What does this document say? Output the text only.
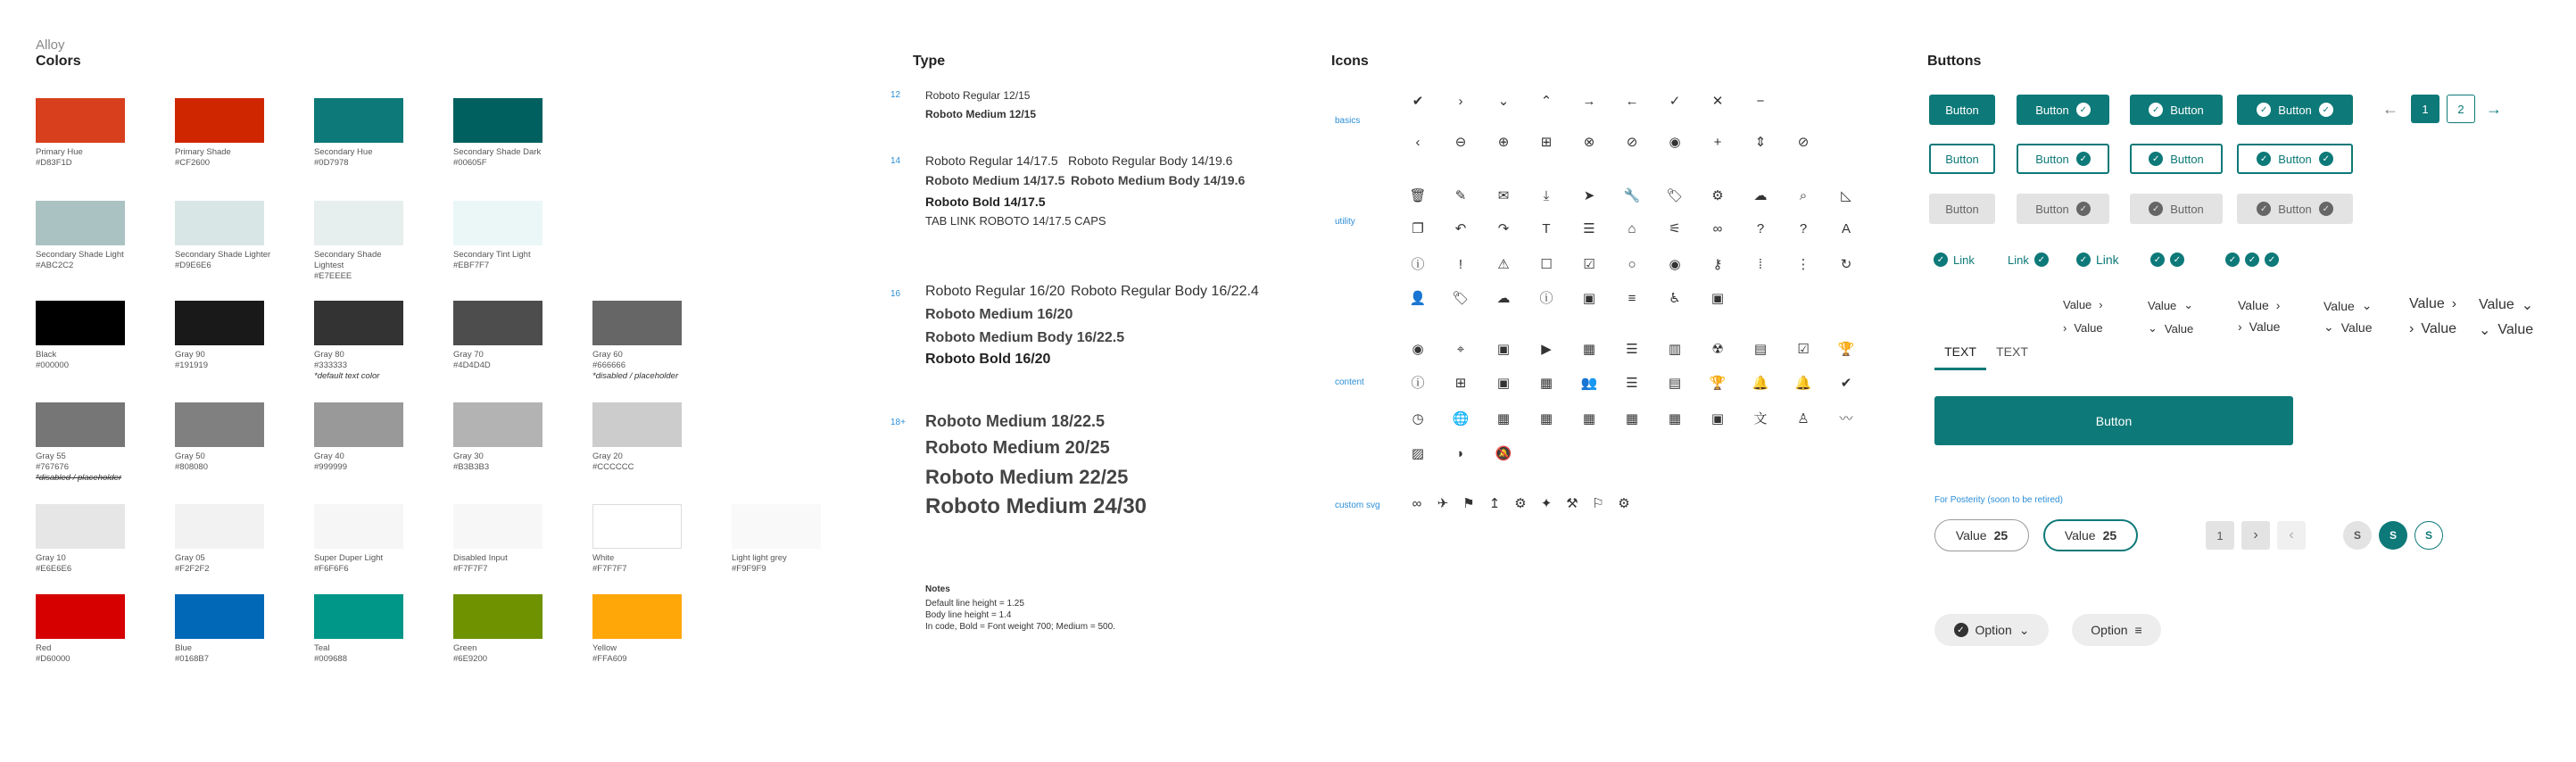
Alloy
Colors
Primary Hue
#D83F1D
Primary Shade
#CF2600
Secondary Hue
#0D7978
Secondary Shade Dark
#00605F
Secondary Shade Light
#ABC2C2
Secondary Shade Lighter
#D9E6E6
Secondary Shade Lightest
#E7EEEE
Secondary Tint Light
#EBF7F7
Black
#000000
Gray 90
#191919
Gray 80
#333333
*default text color
Gray 70
#4D4D4D
Gray 60
#666666
*disabled / placeholder
Gray 55
#767676
*disabled / placeholder
Gray 50
#808080
Gray 40
#999999
Gray 30
#B3B3B3
Gray 20
#CCCCCC
Gray 10
#E6E6E6
Gray 05
#F2F2F2
Super Duper Light
#F6F6F6
Disabled Input
#F7F7F7
White
#F7F7F7
Light light grey
#F9F9F9
Red
#D60000
Blue
#0168B7
Teal
#009688
Green
#6E9200
Yellow
#FFA609
Type
12 Roboto Regular 12/15
Roboto Medium 12/15
14 Roboto Regular 14/17.5 Roboto Regular Body 14/19.6
Roboto Medium 14/17.5 Roboto Medium Body 14/19.6
Roboto Bold 14/17.5
TAB LINK ROBOTO 14/17.5 CAPS
16 Roboto Regular 16/20 Roboto Regular Body 16/22.4
Roboto Medium 16/20
Roboto Medium Body 16/22.5
Roboto Bold 16/20
18+ Roboto Medium 18/22.5
Roboto Medium 20/25
Roboto Medium 22/25
Roboto Medium 24/30
Notes
Default line height = 1.25
Body line height = 1.4
In code, Bold = Font weight 700; Medium = 500.
Icons
basics
utility
content
custom svg
✔	›	⌄	⌃	→ ←	✓	✕	−
‹	⊖	⊕	⊞	⊗	⊘	◉	+	⇕	⊘
🗑	✎	✉	⤓	➤	🔧 🏷 ⚙ ☁	⌕	◺
❐	↶	↷	T	☰	⌂	⚟	∞	?	?	A
ⓘ	!	⚠ ☐ ☑	○	◉	⚷	⁞	⋮	↻
👤 🏷 ☁ ⓘ ▣	≡	♿ ▣
◉	⌖	▣	▶	▦ ☰ ▥ ☢ ▤ ☑ 🏆
ⓘ	⊞	▣ ▦ 👥 ☰ ▤ 🏆 🔔 🔔	✔
◷ 🌐 ▦ ▦ ▦ ▦ ▦ ▣ 文 ♙ 〰
▨	◗	🔕
∞	✈	⚑	↥	⚙	✦	⚒ ⚐ ⚙
Buttons
Button	Button	✓	✓ Button	✓ Button	✓	←	1	2	→
Button	Button	✓	✓ Button	✓ Button	✓
Button	Button	✓	✓ Button	✓ Button	✓
✓ Link	Link ✓	✓ Link	✓	✓	✓	✓	✓
Value ›
› Value
Value ⌄
⌄ Value
Value ›
› Value
Value ⌄
⌄ Value
Value ›
› Value
Value ⌄
⌄ Value
TEXT	TEXT
Button
For Posterity (soon to be retired)
Value 25	Value 25	1	› ‹	S	S	S
✓ Option ⌄	Option ≡
